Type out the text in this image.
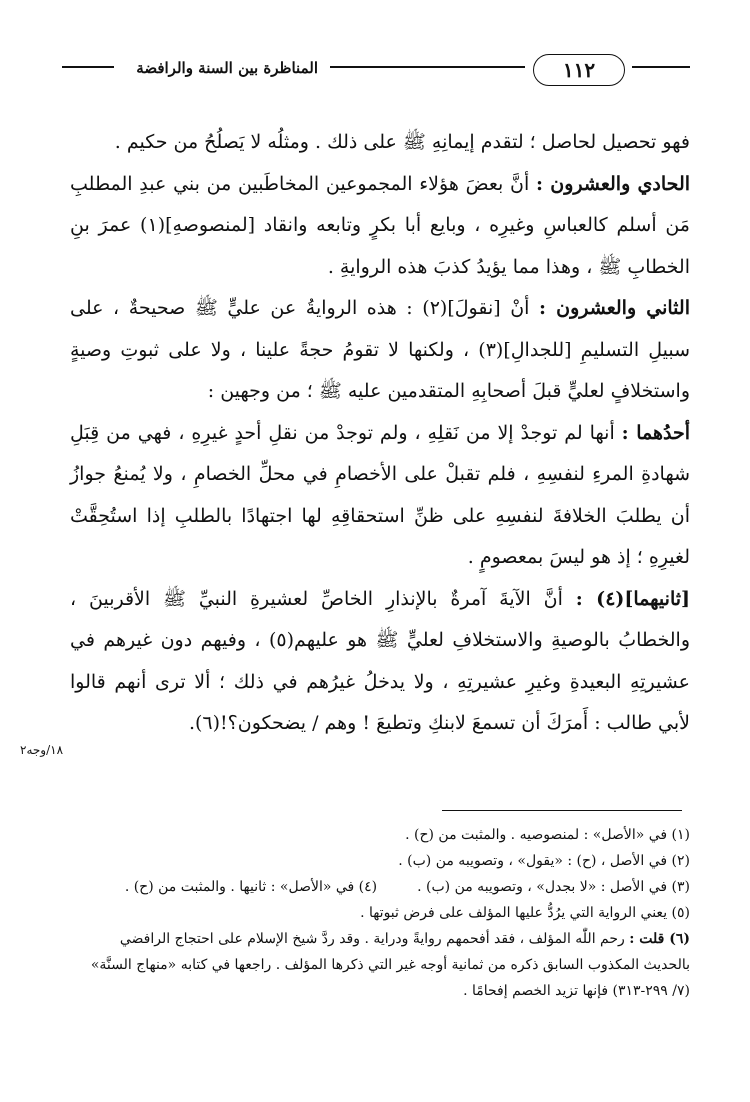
١١٢
المناظرة بين السنة والرافضة

فهو تحصيل لحاصل ؛ لتقدم إيمانِهِ ﷺ على ذلك . ومثلُه لا يَصلُحُ من حكيم .

الحادي والعشرون : أنَّ بعضَ هؤلاء المجموعين المخاطَبين من بني عبدِ المطلبِ مَن أسلم كالعباسِ وغيرِه ، وبايع أبا بكرٍ وتابعه وانقاد [لمنصوصهِ](١) عمرَ بنِ الخطابِ ﷺ ، وهذا مما يؤيدُ كذبَ هذه الروايةِ .

الثاني والعشرون : أنْ [نقولَ](٢) : هذه الروايةُ عن عليٍّ ﷺ صحيحةٌ ، على سبيلِ التسليمِ [للجدالِ](٣) ، ولكنها لا تقومُ حجةً علينا ، ولا على ثبوتِ وصيةٍ واستخلافٍ لعليٍّ قبلَ أصحابِهِ المتقدمين عليه ﷺ ؛ من وجهين :

أحدُهما : أنها لم توجدْ إلا من نَقلِهِ ، ولم توجدْ من نقلِ أحدٍ غيرِهِ ، فهي من قِبَلِ شهادةِ المرءِ لنفسِهِ ، فلم تقبلْ على الأخصامِ في محلِّ الخصامِ ، ولا يُمنعُ جوازُ أن يطلبَ الخلافةَ لنفسِهِ على ظنِّ استحقاقِهِ لها اجتهادًا بالطلبِ إذا استُحِقَّتْ لغيرِهِ ؛ إذ هو ليسَ بمعصومٍ .

[ثانيهما](٤) : أنَّ الآيةَ آمرةٌ بالإنذارِ الخاصِّ لعشيرةِ النبيِّ ﷺ الأقربينَ ، والخطابُ بالوصيةِ والاستخلافِ لعليٍّ ﷺ هو عليهم(٥) ، وفيهم دون غيرهم في عشيرتِهِ البعيدةِ وغيرِ عشيرتِهِ ، ولا يدخلُ غيرُهم في ذلك ؛ ألا ترى أنهم قالوا لأبي طالب : أَمرَكَ أن تسمعَ لابنكِ وتطيعَ ! وهم / يضحكون؟!(٦).

١٨/وجه٢

(١) في «الأصل» : لمنصوصيه . والمثبت من (ح) .

(٢) في الأصل ، (ح) : «يقول» ، وتصويبه من (ب) .

(٣) في الأصل : «لا بجدل» ، وتصويبه من (ب) .
(٤) في «الأصل» : ثانيها . والمثبت من (ح) .

(٥) يعني الرواية التي يرُدُّ عليها المؤلف على فرض ثبوتها .

(٦) قلت : رحم اللّٰه المؤلف ، فقد أفحمهم روايةً ودراية . وقد ردَّ شيخ الإسلام على احتجاج الرافضي بالحديث المكذوب السابق ذكره من ثمانية أوجه غير التي ذكرها المؤلف . راجعها في كتابه «منهاج السنَّة» (٧/ ٢٩٩-٣١٣) فإنها تزيد الخصم إفحامًا .
